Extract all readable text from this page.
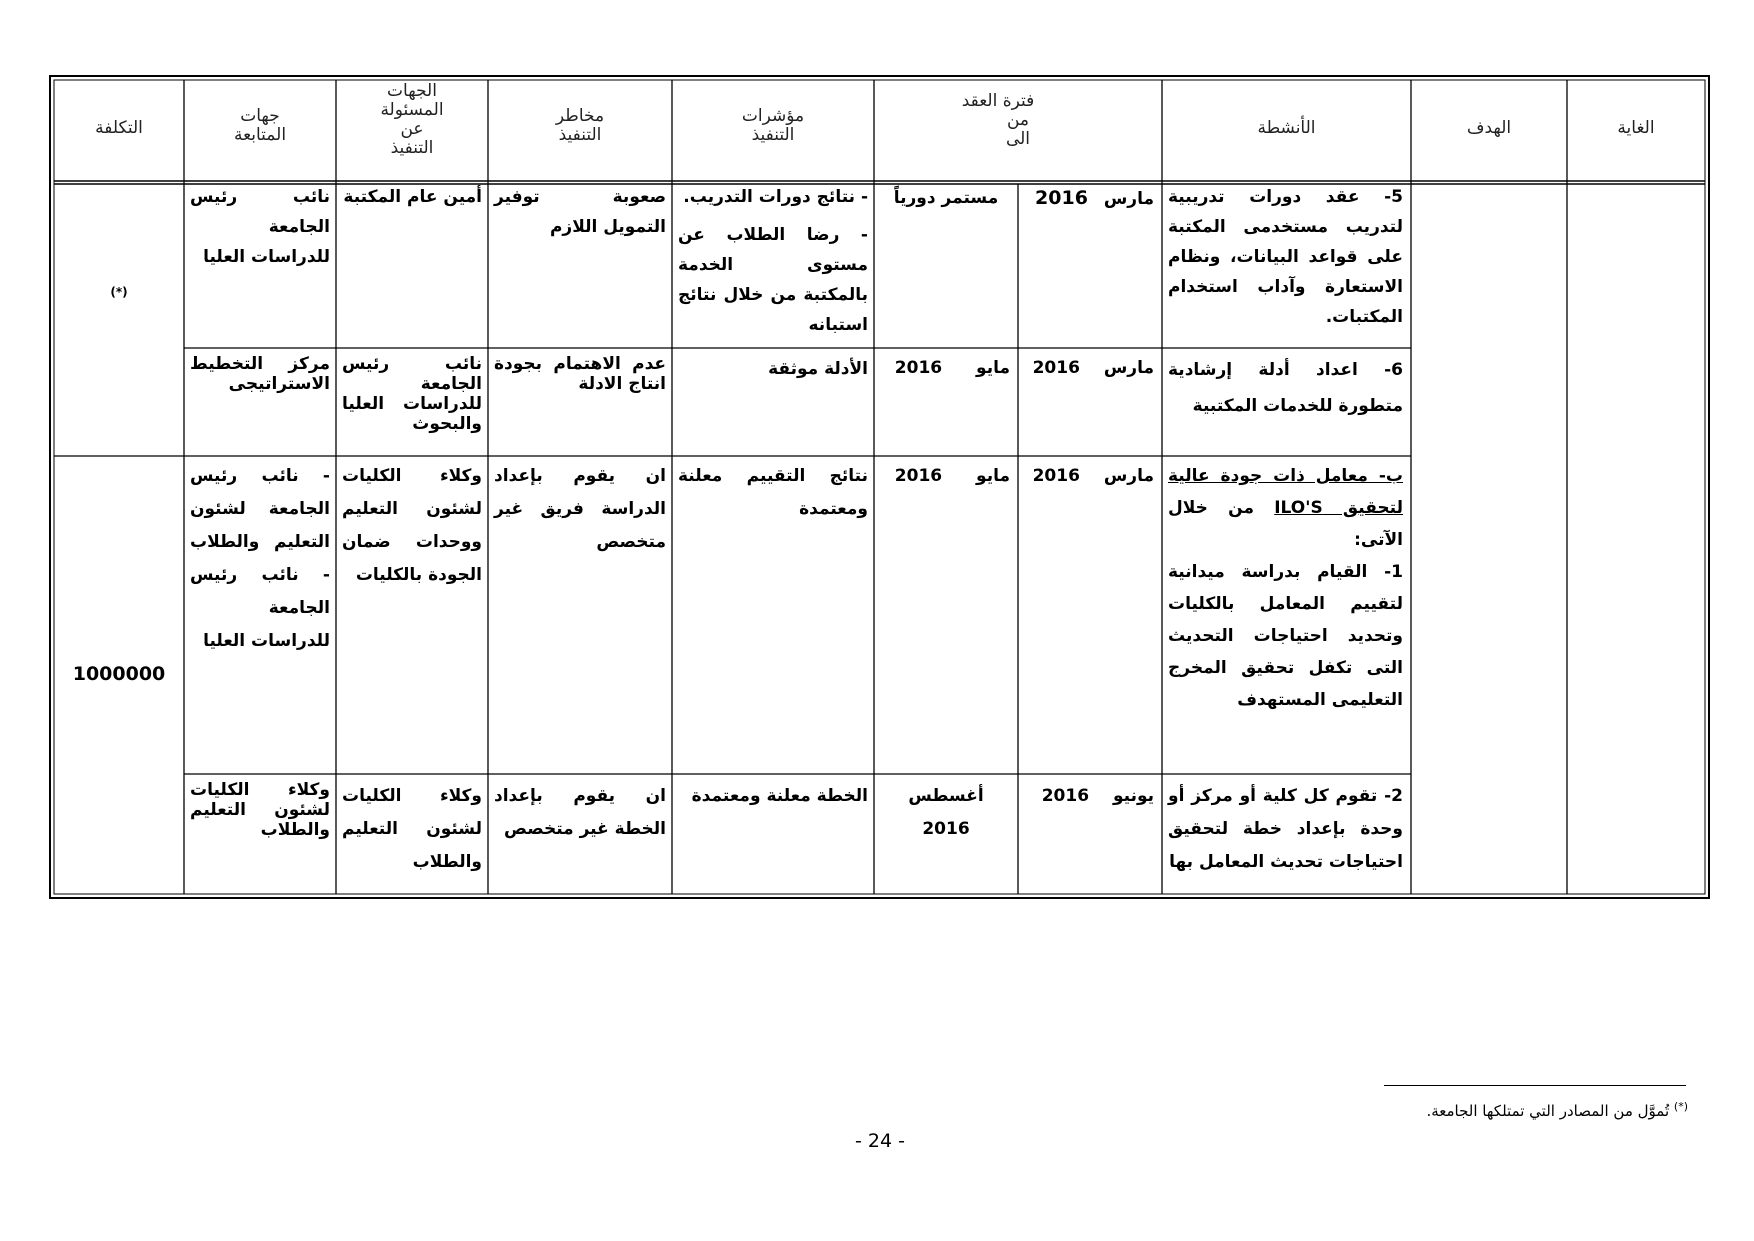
الغاية
الهدف
الأنشطة
فترة العقد
من
الى
مؤشرات
التنفيذ
مخاطر
التنفيذ
الجهات
المسئولة
عن
التنفيذ
جهات
المتابعة
التكلفة
5- عقد دورات تدريبية لتدريب مستخدمى المكتبة على قواعد البيانات، ونظام الاستعارة وآداب استخدام المكتبات.
مارس 2016
مستمر دورياً
- نتائج دورات التدريب.
- رضا الطلاب عن مستوى الخدمة بالمكتبة من خلال نتائج استبانه
صعوبة توفير التمويل اللازم
أمين عام المكتبة
نائب رئيس الجامعة للدراسات العليا
(*)
6- اعداد أدلة إرشادية متطورة للخدمات المكتبية
مارس 2016
مايو 2016
الأدلة موثقة
عدم الاهتمام بجودة انتاج الادلة
نائب رئيس الجامعة للدراسات العليا والبحوث
مركز التخطيط الاستراتيجى
ب- معامل ذات جودة عالية لتحقيق ILO'S من خلال الآتى:
1- القيام بدراسة ميدانية لتقييم المعامل بالكليات وتحديد احتياجات التحديث التى تكفل تحقيق المخرج التعليمى المستهدف
مارس 2016
مايو 2016
نتائج التقييم معلنة ومعتمدة
ان يقوم بإعداد الدراسة فريق غير متخصص
وكلاء الكليات لشئون التعليم ووحدات ضمان الجودة بالكليات
- نائب رئيس الجامعة لشئون التعليم والطلاب - نائب رئيس الجامعة للدراسات العليا
1000000
2- تقوم كل كلية أو مركز أو وحدة بإعداد خطة لتحقيق احتياجات تحديث المعامل بها
يونيو 2016
أغسطس
2016
الخطة معلنة ومعتمدة
ان يقوم بإعداد الخطة غير متخصص
وكلاء الكليات لشئون التعليم والطلاب
وكلاء الكليات لشئون التعليم والطلاب
(*) تُموَّل من المصادر التي تمتلكها الجامعة.
- 24 -
